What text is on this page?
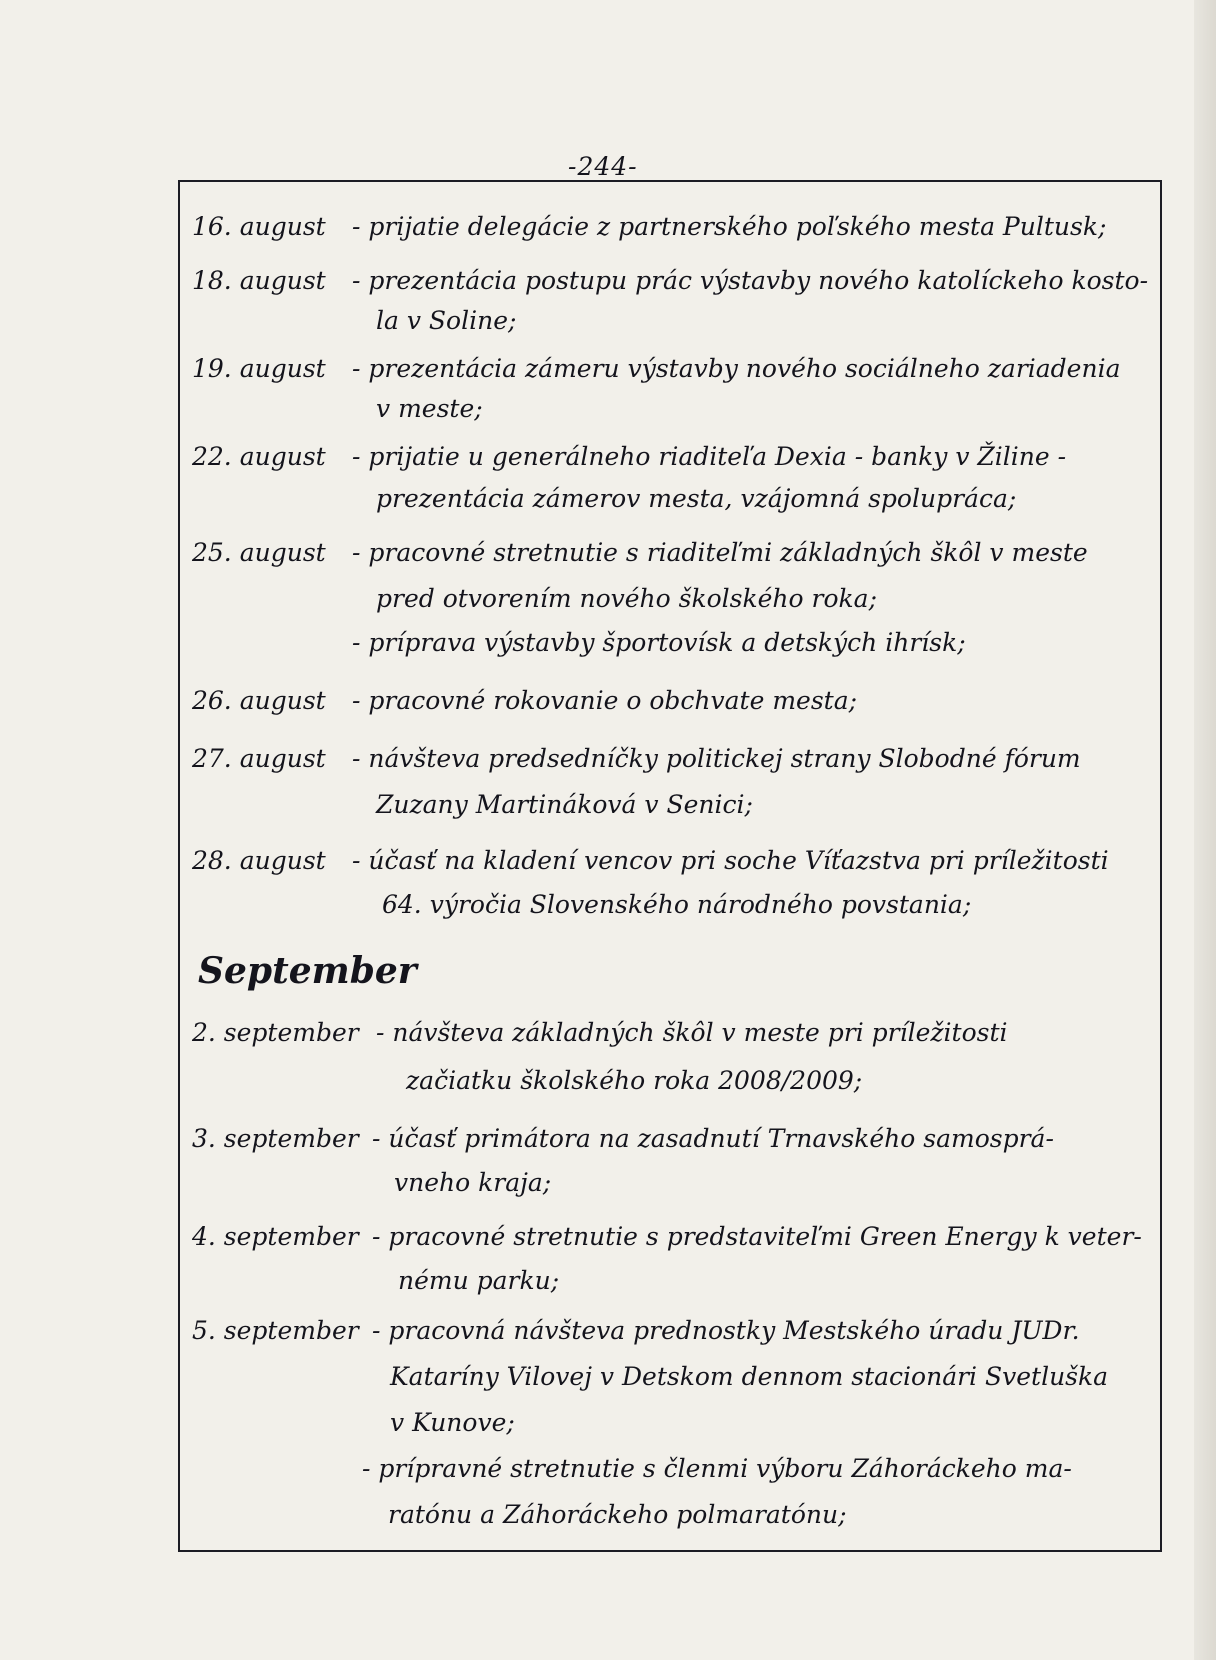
-244-
16. august - prijatie delegácie z partnerského poľského mesta Pultusk;
18. august - prezentácia postupu prác výstavby nového katolíckeho kosto-
la v Soline;
19. august - prezentácia zámeru výstavby nového sociálneho zariadenia
v meste;
22. august - prijatie u generálneho riaditeľa Dexia - banky v Žiline -
prezentácia zámerov mesta, vzájomná spolupráca;
25. august - pracovné stretnutie s riaditeľmi základných škôl v meste
pred otvorením nového školského roka;
- príprava výstavby športovísk a detských ihrísk;
26. august - pracovné rokovanie o obchvate mesta;
27. august - návšteva predsedníčky politickej strany Slobodné fórum
Zuzany Martináková v Senici;
28. august - účasť na kladení vencov pri soche Víťazstva pri príležitosti
64. výročia Slovenského národného povstania;
September
2. september - návšteva základných škôl v meste pri príležitosti
začiatku školského roka 2008/2009;
3. september - účasť primátora na zasadnutí Trnavského samosprá-
vneho kraja;
4. september - pracovné stretnutie s predstaviteľmi Green Energy k veter-
nému parku;
5. september - pracovná návšteva prednostky Mestského úradu JUDr.
Kataríny Vilovej v Detskom dennom stacionári Svetluška
v Kunove;
- prípravné stretnutie s členmi výboru Záhoráckeho ma-
ratónu a Záhoráckeho polmaratónu;
